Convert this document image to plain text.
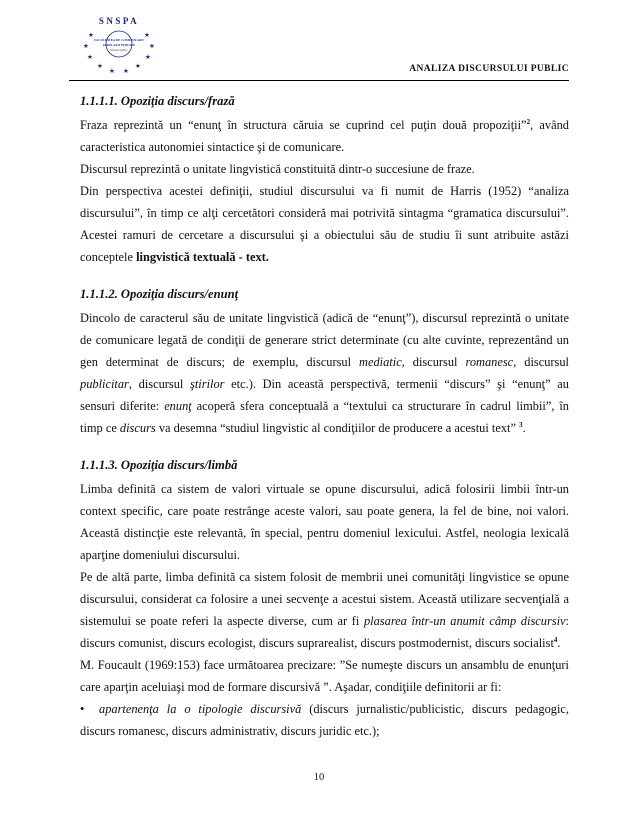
SNSPA
FACULTATEA DE COMUNICARE
ŞI RELAŢII PUBLICE
"David Ogilvy"
★
★
★
★
★ ★
★
★
★
★
ANALIZA DISCURSULUI PUBLIC
1.1.1.1. Opoziţia discurs/frază
Fraza reprezintă un “enunţ în structura căruia se cuprind cel puţin două propoziţii”$^2$, având
caracteristica autonomiei sintactice şi de comunicare.
Discursul reprezintă o unitate lingvistică constituită dintr-o succesiune de fraze.
Din perspectiva acestei definiţii, studiul discursului va fi numit de Harris (1952) “analiza
discursului”, în timp ce alţi cercetători consideră mai potrivită sintagma “gramatica discursului”.
Acestei ramuri de cercetare a discursului şi a obiectului său de studiu îi sunt atribuite astăzi
conceptele lingvistică textuală - text.
1.1.1.2. Opoziţia discurs/enunţ
Dincolo de caracterul său de unitate lingvistică (adică de “enunţ”), discursul reprezintă o unitate
de comunicare legată de condiţii de generare strict determinate (cu alte cuvinte, reprezentând un
gen determinat de discurs; de exemplu, discursul mediatic, discursul romanesc, discursul
publicitar, discursul ştirilor etc.). Din această perspectivă, termenii “discurs” şi “enunţ” au
sensuri diferite: enunţ acoperă sfera conceptuală a “textului ca structurare în cadrul limbii”, în
timp ce discurs va desemna “studiul lingvistic al condiţiilor de producere a acestui text” $^3$.
1.1.1.3. Opoziţia discurs/limbă
Limba definită ca sistem de valori virtuale se opune discursului, adică folosirii limbii într-un
context specific, care poate restrânge aceste valori, sau poate genera, la fel de bine, noi valori.
Această distincţie este relevantă, în special, pentru domeniul lexicului. Astfel, neologia lexicală
aparţine domeniului discursului.
Pe de altă parte, limba definită ca sistem folosit de membrii unei comunităţi lingvistice se opune
discursului, considerat ca folosire a unei secvenţe a acestui sistem. Această utilizare secvenţială a
sistemului se poate referi la aspecte diverse, cum ar fi plasarea într-un anumit câmp discursiv:
discurs comunist, discurs ecologist, discurs suprarealist, discurs postmodernist, discurs socialist$^4$.
M. Foucault (1969:153) face următoarea precizare: ”Se numeşte discurs un ansamblu de enunţuri
care aparţin aceluiaşi mod de formare discursivă ”. Aşadar, condiţiile definitorii ar fi:
• apartenenţa la o tipologie discursivă (discurs jurnalistic/publicistic, discurs pedagogic,
discurs romanesc, discurs administrativ, discurs juridic etc.);
10
